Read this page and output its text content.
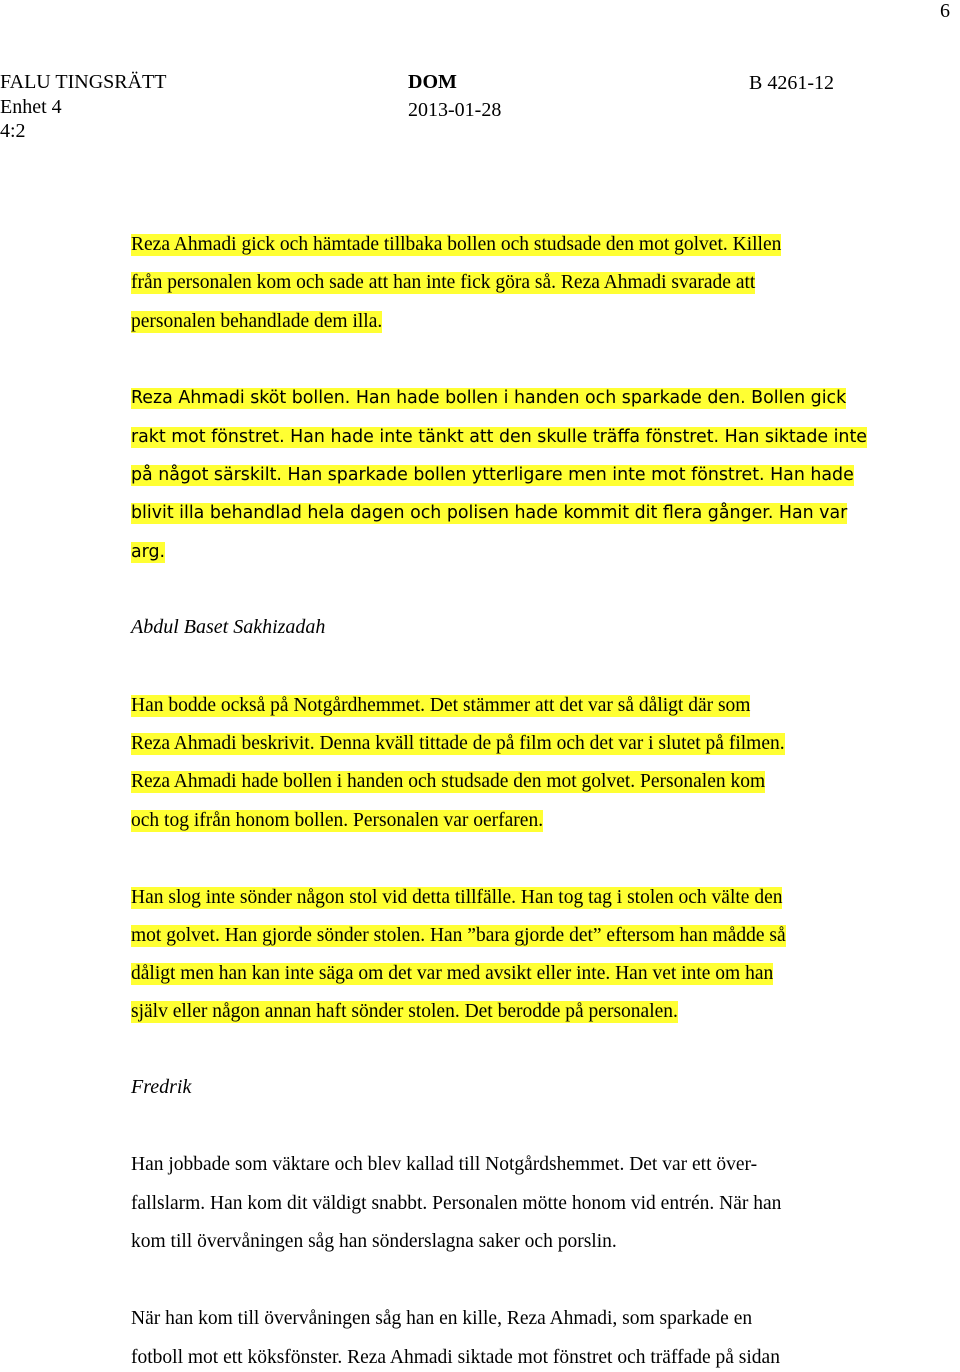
6
FALU TINGSRÄTT
Enhet 4
4:2
DOM
2013-01-28
B 4261-12
Reza Ahmadi gick och hämtade tillbaka bollen och studsade den mot golvet. Killen
från personalen kom och sade att han inte fick göra så. Reza Ahmadi svarade att
personalen behandlade dem illa.
Reza Ahmadi sköt bollen. Han hade bollen i handen och sparkade den. Bollen gick
rakt mot fönstret. Han hade inte tänkt att den skulle träffa fönstret. Han siktade inte
på något särskilt. Han sparkade bollen ytterligare men inte mot fönstret. Han hade
blivit illa behandlad hela dagen och polisen hade kommit dit flera gånger. Han var
arg.
Abdul Baset Sakhizadah
Han bodde också på Notgårdhemmet. Det stämmer att det var så dåligt där som
Reza Ahmadi beskrivit. Denna kväll tittade de på film och det var i slutet på filmen.
Reza Ahmadi hade bollen i handen och studsade den mot golvet. Personalen kom
och tog ifrån honom bollen. Personalen var oerfaren.
Han slog inte sönder någon stol vid detta tillfälle. Han tog tag i stolen och välte den
mot golvet. Han gjorde sönder stolen. Han ”bara gjorde det” eftersom han mådde så
dåligt men han kan inte säga om det var med avsikt eller inte. Han vet inte om han
själv eller någon annan haft sönder stolen. Det berodde på personalen.
Fredrik
Han jobbade som väktare och blev kallad till Notgårdshemmet. Det var ett över-
fallslarm. Han kom dit väldigt snabbt. Personalen mötte honom vid entrén. När han
kom till övervåningen såg han sönderslagna saker och porslin.
När han kom till övervåningen såg han en kille, Reza Ahmadi, som sparkade en
fotboll mot ett köksfönster. Reza Ahmadi siktade mot fönstret och träffade på sidan
